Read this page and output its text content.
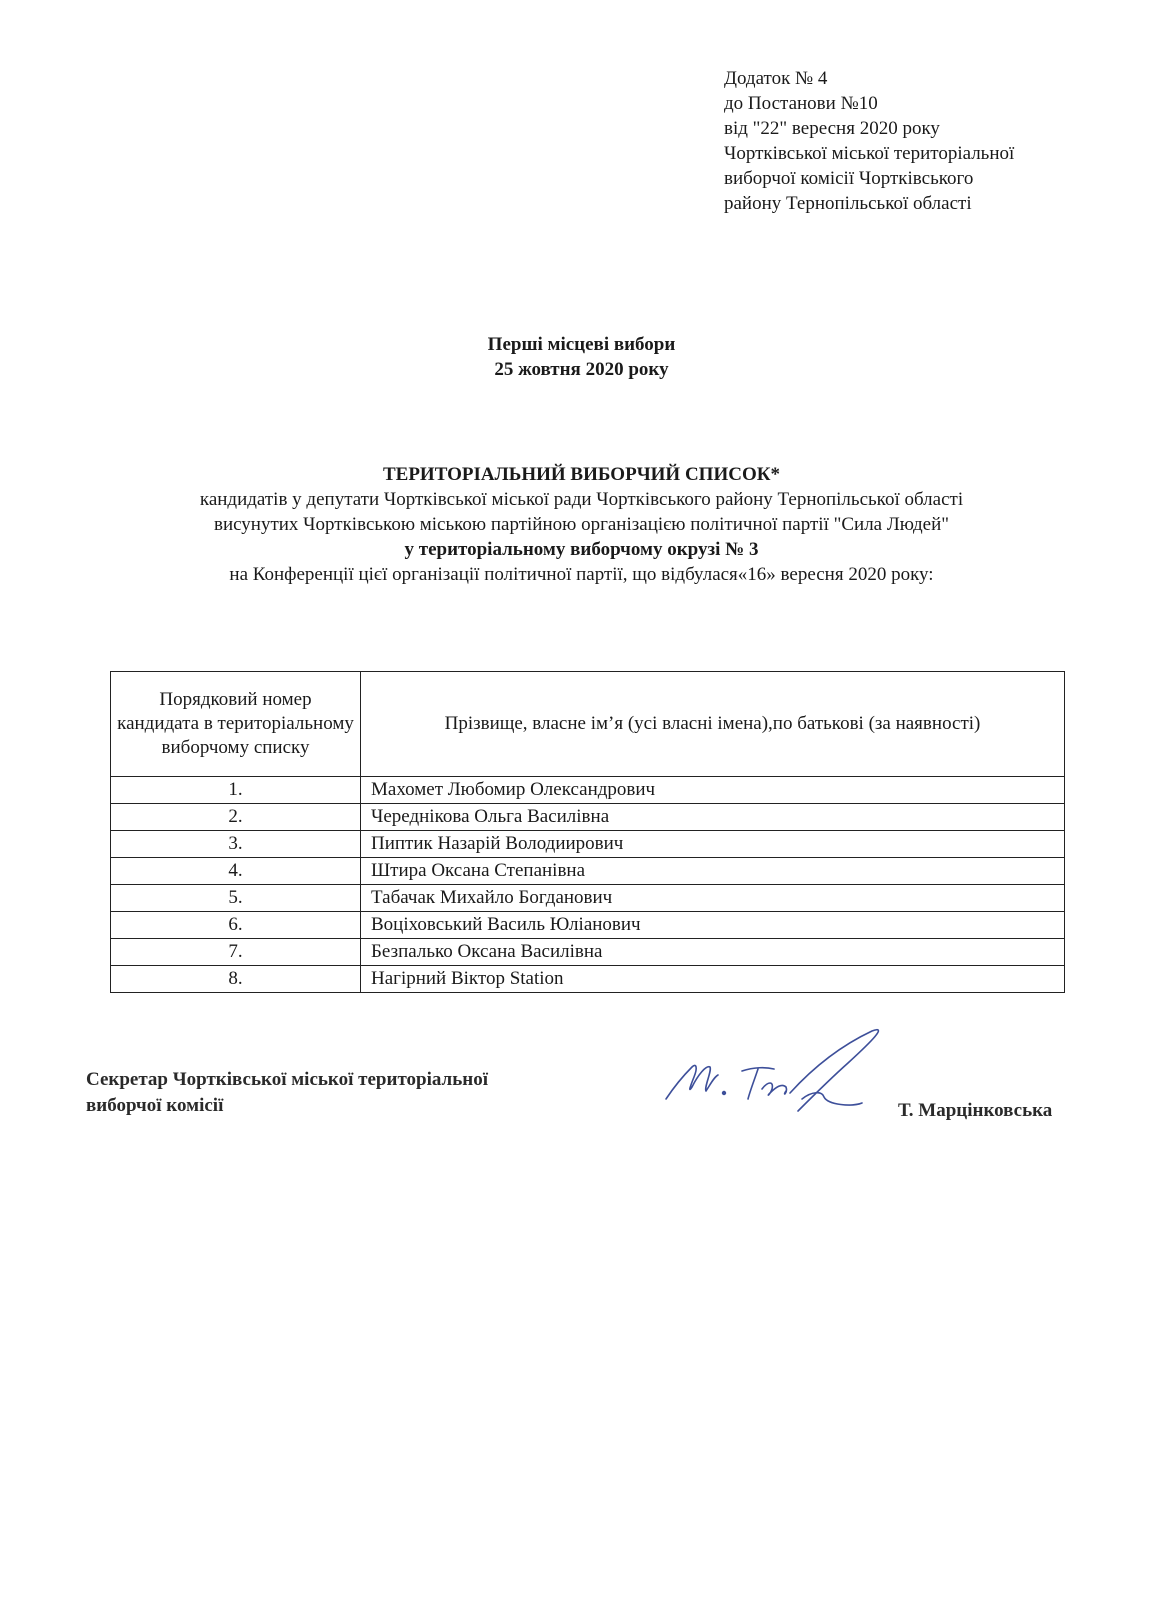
Додаток № 4
до Постанови №10
від "22" вересня 2020 року
Чортківської міської територіальної
виборчої комісії Чортківського
району Тернопільської області
Перші місцеві вибори
25 жовтня 2020 року
ТЕРИТОРІАЛЬНИЙ ВИБОРЧИЙ СПИСОК*
кандидатів у депутати Чортківської міської ради Чортківського району Тернопільської області
висунутих Чортківською міською партійною організацією політичної партії "Сила Людей"
у територіальному виборчому окрузі № 3
на Конференції цієї організації політичної партії, що відбулася«16» вересня 2020 року:
Порядковий номер кандидата в територіальному виборчому списку	Прізвище, власне ім’я (усі власні імена),по батькові (за наявності)
1.	Махомет Любомир Олександрович
2.	Череднікова Ольга Василівна
3.	Пиптик Назарій Володиирович
4.	Штира Оксана Степанівна
5.	Табачак Михайло Богданович
6.	Воціховський Василь Юліанович
7.	Безпалько Оксана Василівна
8.	Нагірний Віктор Station
Секретар Чортківської міської територіальної
виборчої комісії	Т. Марцінковська
